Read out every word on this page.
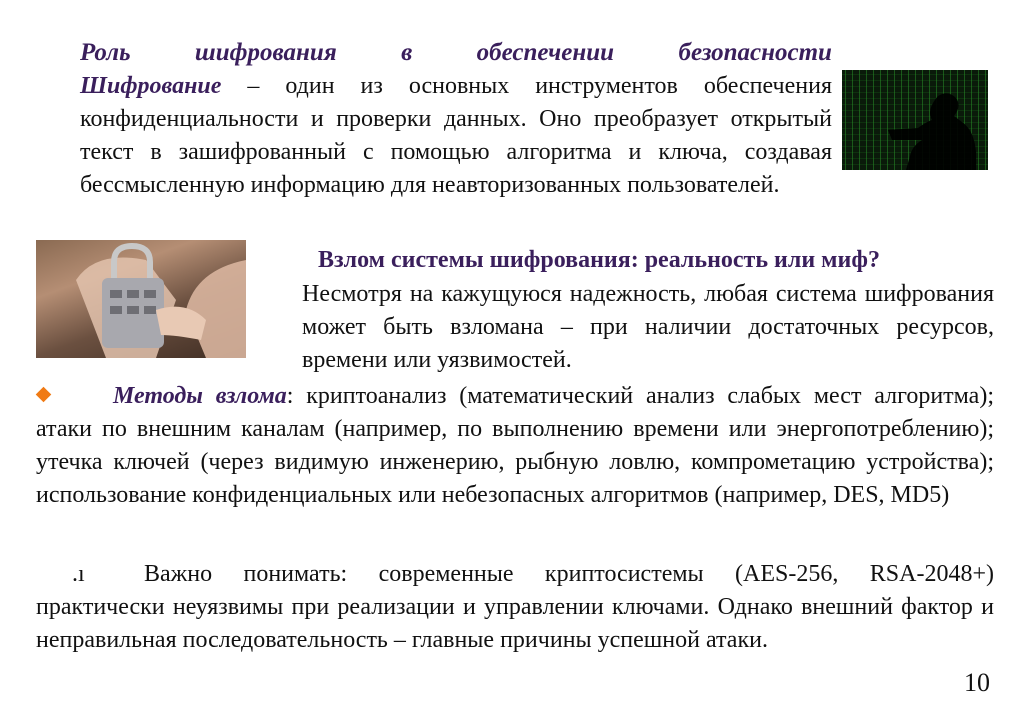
Роль	шифрования	в	обеспечении	безопасности
Шифрование – один из основных инструментов обеспечения конфиденциальности и проверки данных. Оно преобразует открытый текст в зашифрованный с помощью алгоритма и ключа, создавая бессмысленную информацию для неавторизованных пользователей.
Взлом системы шифрования: реальность или миф?
Несмотря на кажущуюся надежность, любая система шифрования может быть взломана – при наличии достаточных ресурсов, времени или уязвимостей.
Методы взлома: криптоанализ (математический анализ слабых мест алгоритма); атаки по внешним каналам (например, по выполнению времени или энергопотреблению); утечка ключей (через видимую инженерию, рыбную ловлю, компрометацию устройства); использование конфиденциальных или небезопасных алгоритмов (например, DES, MD5)
.ı Важно понимать: современные криптосистемы (AES-256, RSA-2048+) практически неуязвимы при реализации и управлении ключами. Однако внешний фактор и неправильная последовательность – главные причины успешной атаки.
10
